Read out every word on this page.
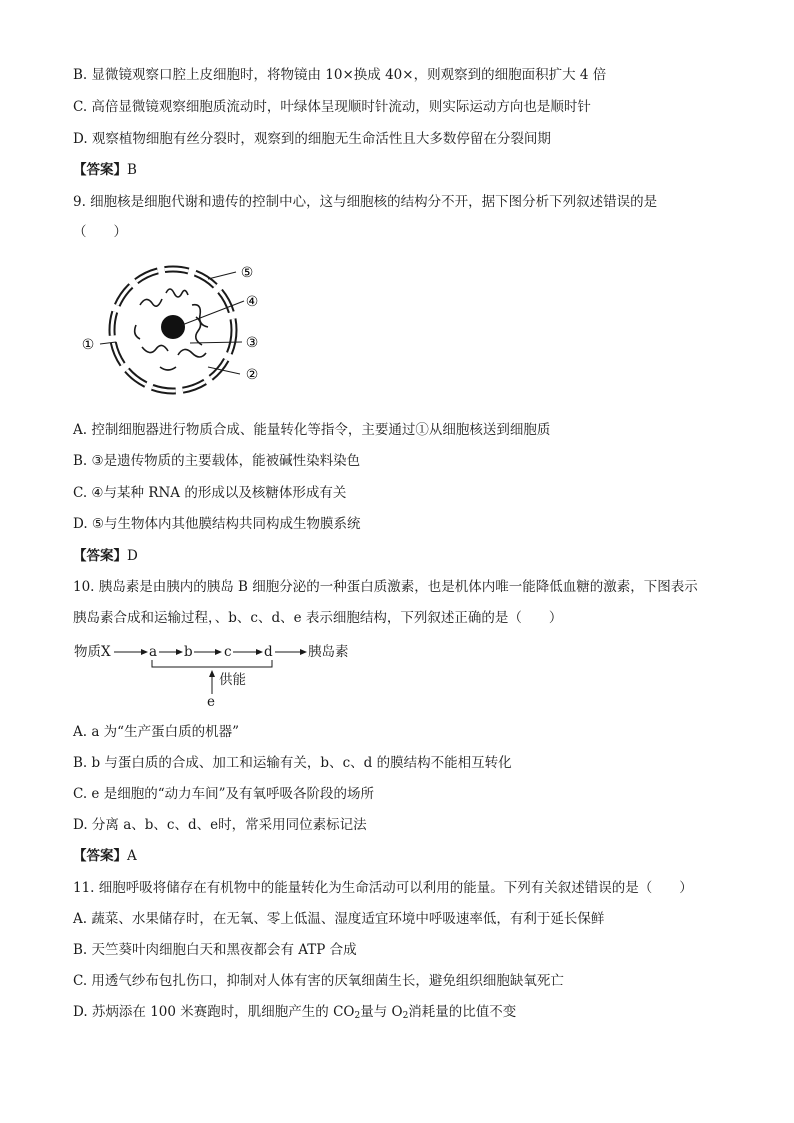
B. 显微镜观察口腔上皮细胞时，将物镜由 10×换成 40×，则观察到的细胞面积扩大 4 倍
C. 高倍显微镜观察细胞质流动时，叶绿体呈现顺时针流动，则实际运动方向也是顺时针
D. 观察植物细胞有丝分裂时，观察到的细胞无生命活性且大多数停留在分裂间期
【答案】B
9. 细胞核是细胞代谢和遗传的控制中心，这与细胞核的结构分不开，据下图分析下列叙述错误的是
（　　）
⑤
④
③
②
①
A. 控制细胞器进行物质合成、能量转化等指令，主要通过①从细胞核送到细胞质
B. ③是遗传物质的主要载体，能被碱性染料染色
C. ④与某种 RNA 的形成以及核糖体形成有关
D. ⑤与生物体内其他膜结构共同构成生物膜系统
【答案】D
10. 胰岛素是由胰内的胰岛 B 细胞分泌的一种蛋白质激素，也是机体内唯一能降低血糖的激素，下图表示
胰岛素合成和运输过程，、b、c、d、e 表示细胞结构，下列叙述正确的是（　　）
物质X	a b c d	胰岛素
供能
e
A. a 为“生产蛋白质的机器”
B. b 与蛋白质的合成、加工和运输有关，b、c、d 的膜结构不能相互转化
C. e 是细胞的“动力车间”及有氧呼吸各阶段的场所
D. 分离 a、b、c、d、e时，常采用同位素标记法
【答案】A
11. 细胞呼吸将储存在有机物中的能量转化为生命活动可以利用的能量。下列有关叙述错误的是（　　）
A. 蔬菜、水果储存时，在无氧、零上低温、湿度适宜环境中呼吸速率低，有利于延长保鲜
B. 天竺葵叶肉细胞白天和黑夜都会有 ATP 合成
C. 用透气纱布包扎伤口，抑制对人体有害的厌氧细菌生长，避免组织细胞缺氧死亡
D. 苏炳添在 100 米赛跑时，肌细胞产生的 $CO_2$量与 $O_2$消耗量的比值不变
